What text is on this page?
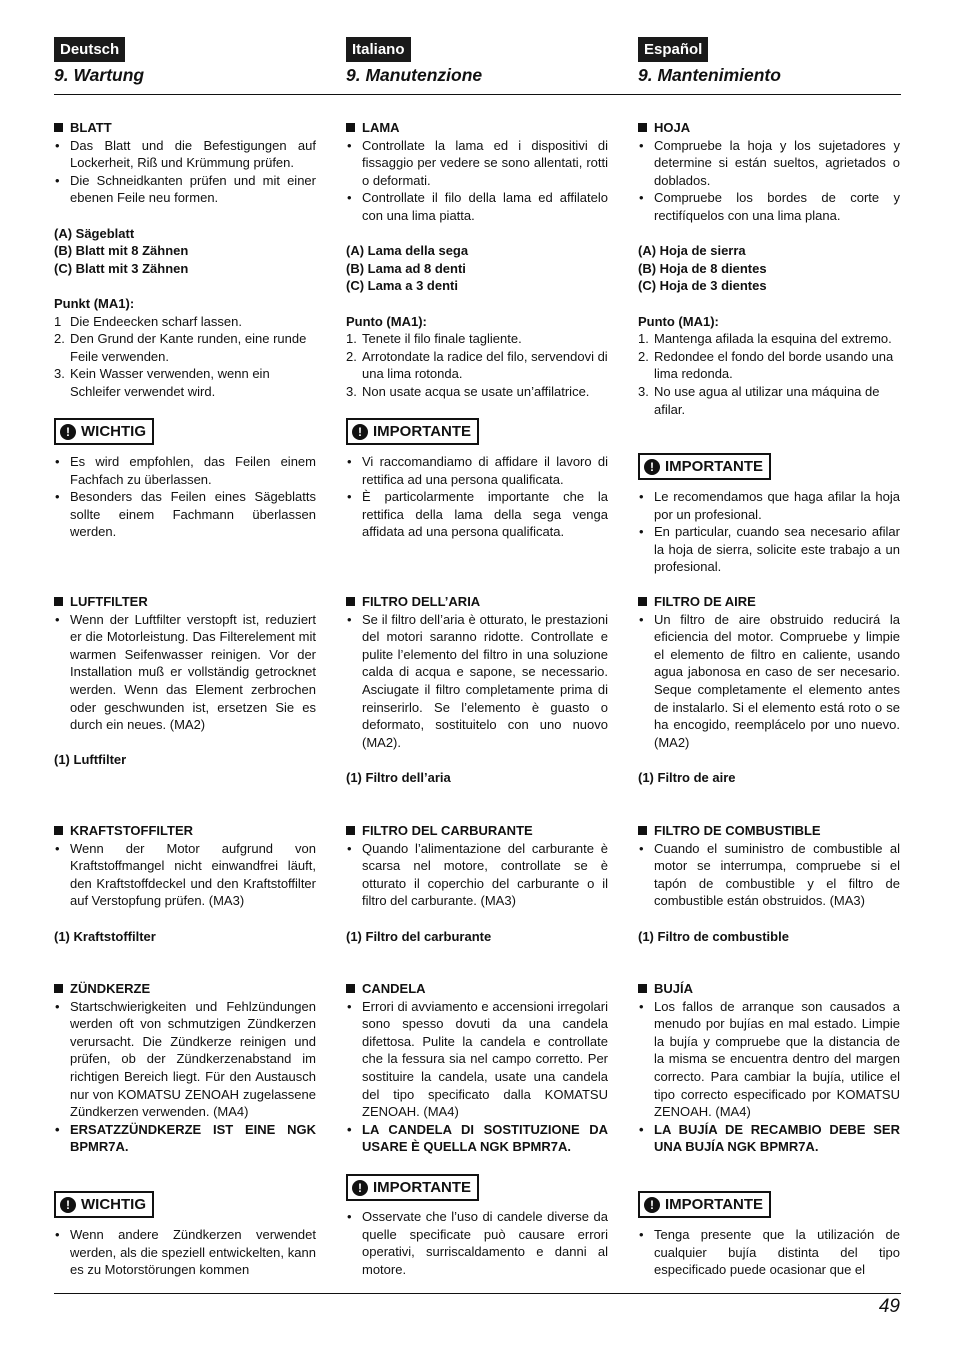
49
Deutsch
9. Wartung
BLATT
• Das Blatt und die Befestigungen auf Lockerheit, Riß und Krümmung prüfen.
• Die Schneidkanten prüfen und mit einer ebenen Feile neu formen.
(A) Sägeblatt
(B) Blatt mit 8 Zähnen
(C) Blatt mit 3 Zähnen
Punkt (MA1):
1 Die Endeecken scharf lassen.
2. Den Grund der Kante runden, eine runde Feile verwenden.
3. Kein Wasser verwenden, wenn ein Schleifer verwendet wird.
! WICHTIG
• Es wird empfohlen, das Feilen einem Fachfach zu überlassen.
• Besonders das Feilen eines Sägeblatts sollte einem Fachmann überlassen werden.
LUFTFILTER
• Wenn der Luftfilter verstopft ist, reduziert er die Motorleistung. Das Filterelement mit warmen Seifenwasser reinigen. Vor der Installation muß er vollständig getrocknet werden. Wenn das Element zerbrochen oder geschwunden ist, ersetzen Sie es durch ein neues. (MA2)
(1) Luftfilter
KRAFTSTOFFILTER
• Wenn der Motor aufgrund von Kraftstoffmangel nicht einwandfrei läuft, den Kraftstoffdeckel und den Kraftstoffilter auf Verstopfung prüfen. (MA3)
(1) Kraftstoffilter
ZÜNDKERZE
• Startschwierigkeiten und Fehlzündungen werden oft von schmutzigen Zündkerzen verursacht. Die Zündkerze reinigen und prüfen, ob der Zündkerzenabstand im richtigen Bereich liegt. Für den Austausch nur von KOMATSU ZENOAH zugelassene Zündkerzen verwenden. (MA4)
• ERSATZZÜNDKERZE IST EINE NGK BPMR7A.
! WICHTIG
• Wenn andere Zündkerzen verwendet werden, als die speziell entwickelten, kann es zu Motorstörungen kommen
Italiano
9. Manutenzione
LAMA
• Controllate la lama ed i dispositivi di fissaggio per vedere se sono allentati, rotti o deformati.
• Controllate il filo della lama ed affilatelo con una lima piatta.
(A) Lama della sega
(B) Lama ad 8 denti
(C) Lama a 3 denti
Punto (MA1):
1. Tenete il filo finale tagliente.
2. Arrotondate la radice del filo, servendovi di una lima rotonda.
3. Non usate acqua se usate un’affilatrice.
! IMPORTANTE
• Vi raccomandiamo di affidare il lavoro di rettifica ad una persona qualificata.
• È particolarmente importante che la rettifica della lama della sega venga affidata ad una persona qualificata.
FILTRO DELL’ARIA
• Se il filtro dell’aria è otturato, le prestazioni del motori saranno ridotte. Controllate e pulite l’elemento del filtro in una soluzione calda di acqua e sapone, se necessario. Asciugate il filtro completamente prima di reinserirlo. Se l’elemento è guasto o deformato, sostituitelo con uno nuovo (MA2).
(1) Filtro dell’aria
FILTRO DEL CARBURANTE
• Quando l’alimentazione del carburante è scarsa nel motore, controllate se è otturato il coperchio del carburante o il filtro del carburante. (MA3)
(1) Filtro del carburante
CANDELA
• Errori di avviamento e accensioni irregolari sono spesso dovuti da una candela difettosa. Pulite la candela e controllate che la fessura sia nel campo corretto. Per sostituire la candela, usate una candela del tipo specificato dalla KOMATSU ZENOAH. (MA4)
• LA CANDELA DI SOSTITUZIONE DA USARE È QUELLA NGK BPMR7A.
! IMPORTANTE
• Osservate che l’uso di candele diverse da quelle specificate può causare errori operativi, surriscaldamento e danni al motore.
Español
9. Mantenimiento
HOJA
• Compruebe la hoja y los sujetadores y determine si están sueltos, agrietados o doblados.
• Compruebe los bordes de corte y rectifíquelos con una lima plana.
(A) Hoja de sierra
(B) Hoja de 8 dientes
(C) Hoja de 3 dientes
Punto (MA1):
1. Mantenga afilada la esquina del extremo.
2. Redondee el fondo del borde usando una lima redonda.
3. No use agua al utilizar una máquina de afilar.
! IMPORTANTE
• Le recomendamos que haga afilar la hoja por un profesional.
• En particular, cuando sea necesario afilar la hoja de sierra, solicite este trabajo a un profesional.
FILTRO DE AIRE
• Un filtro de aire obstruido reducirá la eficiencia del motor. Compruebe y limpie el elemento de filtro en caliente, usando agua jabonosa en caso de ser necesario. Seque completamente el elemento antes de instalarlo. Si el elemento está roto o se ha encogido, reemplácelo por uno nuevo. (MA2)
(1) Filtro de aire
FILTRO DE COMBUSTIBLE
• Cuando el suministro de combustible al motor se interrumpa, compruebe si el tapón de combustible y el filtro de combustible están obstruidos. (MA3)
(1) Filtro de combustible
BUJÍA
• Los fallos de arranque son causados a menudo por bujías en mal estado. Limpie la bujía y compruebe que la distancia de la misma se encuentra dentro del margen correcto. Para cambiar la bujía, utilice el tipo correcto especificado por KOMATSU ZENOAH. (MA4)
• LA BUJÍA DE RECAMBIO DEBE SER UNA BUJÍA NGK BPMR7A.
! IMPORTANTE
• Tenga presente que la utilización de cualquier bujía distinta del tipo especificado puede ocasionar que el
